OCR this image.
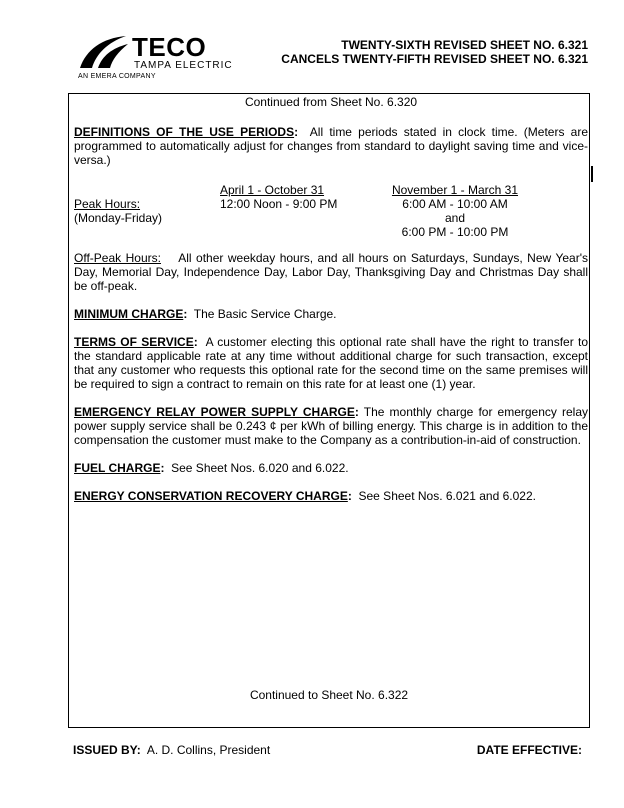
TECO
TAMPA ELECTRIC
AN EMERA COMPANY
TWENTY-SIXTH REVISED SHEET NO. 6.321
CANCELS TWENTY-FIFTH REVISED SHEET NO. 6.321

Continued from Sheet No. 6.320

DEFINITIONS OF THE USE PERIODS: All time periods stated in clock time. (Meters are programmed to automatically adjust for changes from standard to daylight saving time and vice-versa.)

Peak Hours:
(Monday-Friday)
April 1 - October 31
12:00 Noon - 9:00 PM
November 1 - March 31
6:00 AM - 10:00 AM
and
6:00 PM - 10:00 PM

Off-Peak Hours: All other weekday hours, and all hours on Saturdays, Sundays, New Year's Day, Memorial Day, Independence Day, Labor Day, Thanksgiving Day and Christmas Day shall be off-peak.

MINIMUM CHARGE: The Basic Service Charge.

TERMS OF SERVICE: A customer electing this optional rate shall have the right to transfer to the standard applicable rate at any time without additional charge for such transaction, except that any customer who requests this optional rate for the second time on the same premises will be required to sign a contract to remain on this rate for at least one (1) year.

EMERGENCY RELAY POWER SUPPLY CHARGE: The monthly charge for emergency relay power supply service shall be 0.243 ¢ per kWh of billing energy. This charge is in addition to the compensation the customer must make to the Company as a contribution-in-aid of construction.

FUEL CHARGE: See Sheet Nos. 6.020 and 6.022.

ENERGY CONSERVATION RECOVERY CHARGE: See Sheet Nos. 6.021 and 6.022.

Continued to Sheet No. 6.322
ISSUED BY: A. D. Collins, President	DATE EFFECTIVE:
